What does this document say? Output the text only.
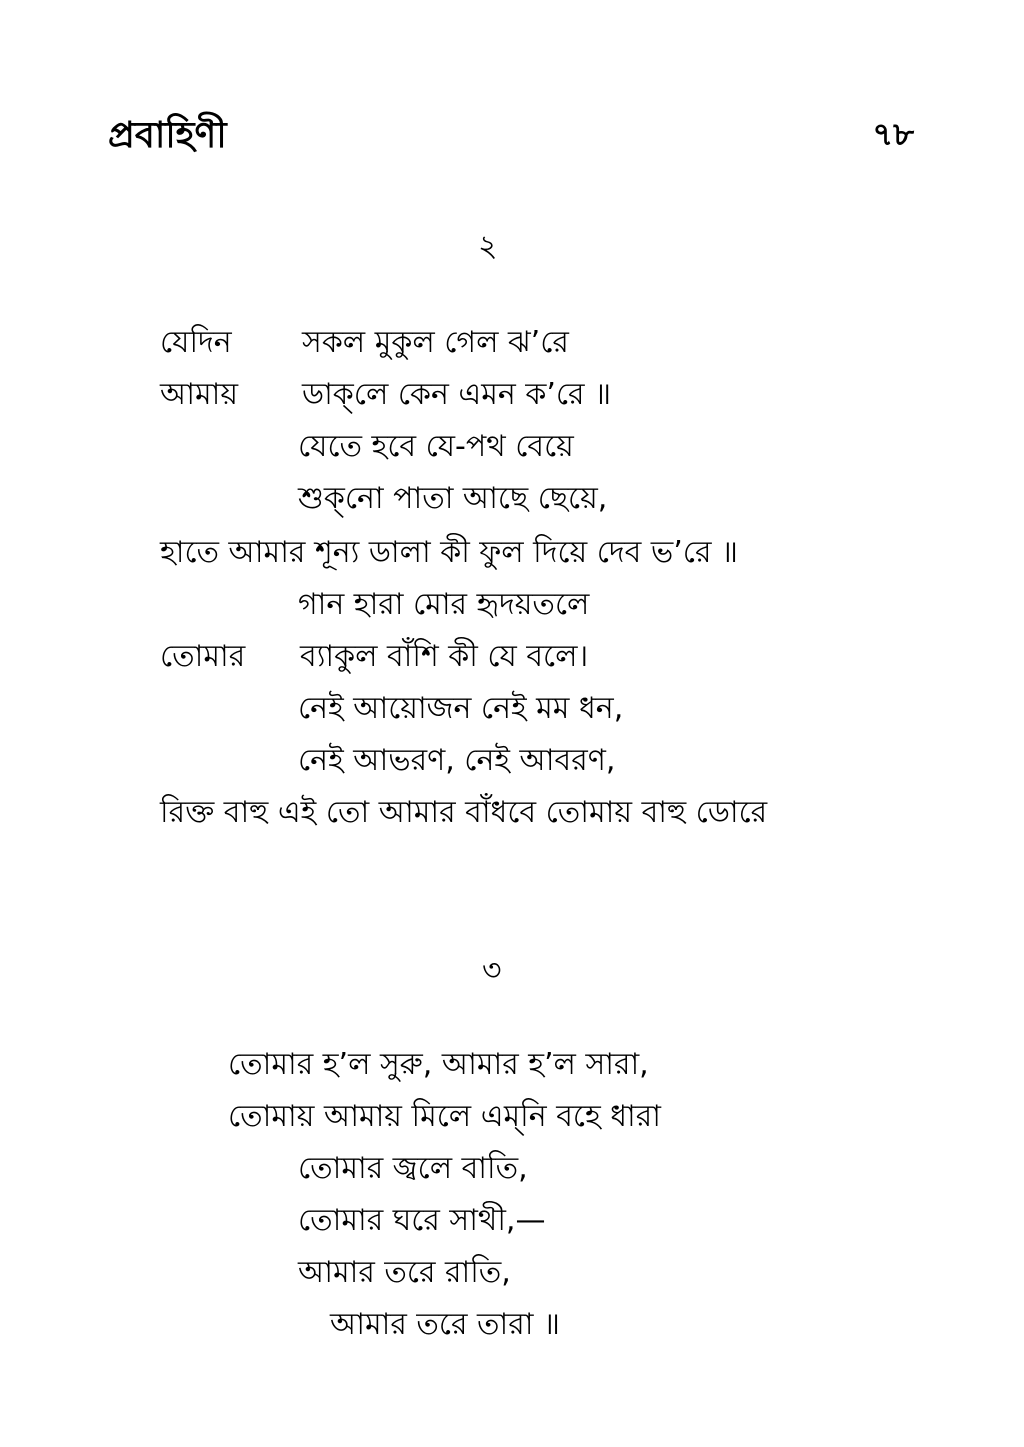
প্রবাহিণী	৭৮
২
যেদিন সকল মুকুল গেল ঝ’রে
আমায় ডাক্‌লে কেন এমন ক’রে ॥
যেতে হবে যে-পথ বেয়ে
শুক্‌নো পাতা আছে ছেয়ে,
হাতে আমার শূন্য ডালা কী ফুল দিয়ে দেব ভ’রে ॥
গান হারা মোর হৃদয়তলে
তোমার ব্যাকুল বাঁশি কী যে বলে।
নেই আয়োজন নেই মম ধন,
নেই আভরণ, নেই আবরণ,
রিক্ত বাহু এই তো আমার বাঁধবে তোমায় বাহু ডোরে
৩
তোমার হ’ল সুরু, আমার হ’ল সারা,
তোমায় আমায় মিলে এম্‌নি বহে ধারা
তোমার জ্বলে বাতি,
তোমার ঘরে সাথী,—
আমার তরে রাতি,
আমার তরে তারা ॥
